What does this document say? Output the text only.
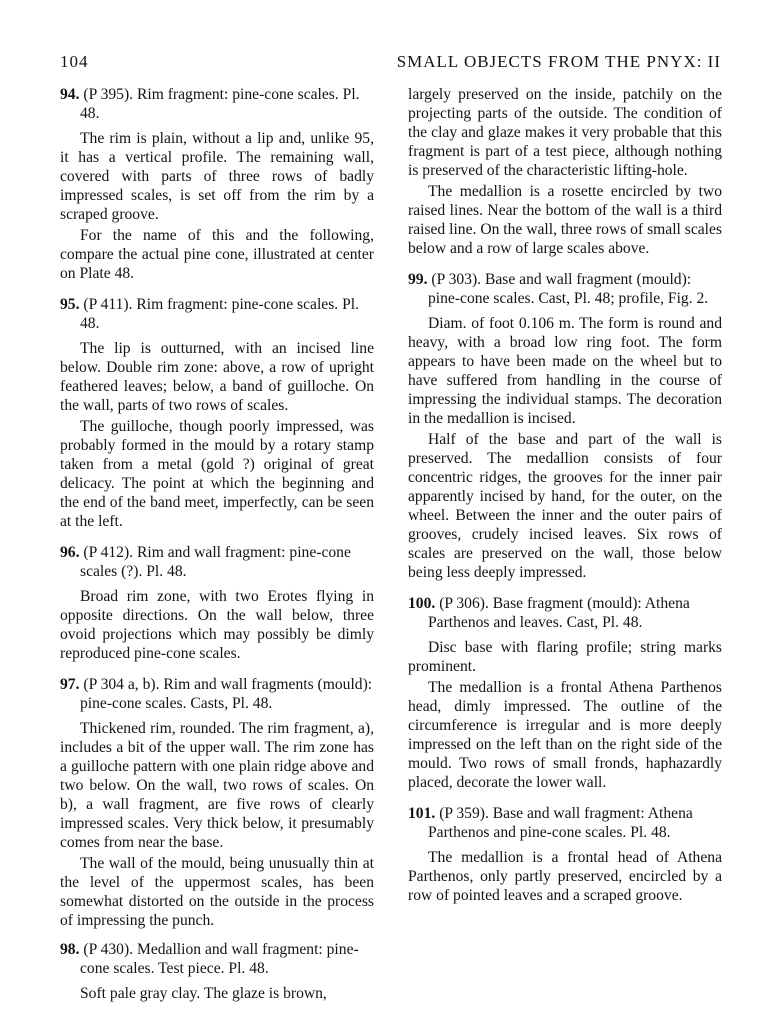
104	SMALL OBJECTS FROM THE PNYX: II
94. (P 395). Rim fragment: pine-cone scales. Pl. 48.

The rim is plain, without a lip and, unlike 95, it has a vertical profile. The remaining wall, covered with parts of three rows of badly impressed scales, is set off from the rim by a scraped groove.

For the name of this and the following, compare the actual pine cone, illustrated at center on Plate 48.

95. (P 411). Rim fragment: pine-cone scales. Pl. 48.

The lip is outturned, with an incised line below. Double rim zone: above, a row of upright feathered leaves; below, a band of guilloche. On the wall, parts of two rows of scales.

The guilloche, though poorly impressed, was probably formed in the mould by a rotary stamp taken from a metal (gold ?) original of great delicacy. The point at which the beginning and the end of the band meet, imperfectly, can be seen at the left.

96. (P 412). Rim and wall fragment: pine-cone scales (?). Pl. 48.

Broad rim zone, with two Erotes flying in opposite directions. On the wall below, three ovoid projections which may possibly be dimly reproduced pine-cone scales.

97. (P 304 a, b). Rim and wall fragments (mould): pine-cone scales. Casts, Pl. 48.

Thickened rim, rounded. The rim fragment, a), includes a bit of the upper wall. The rim zone has a guilloche pattern with one plain ridge above and two below. On the wall, two rows of scales. On b), a wall fragment, are five rows of clearly impressed scales. Very thick below, it presumably comes from near the base.

The wall of the mould, being unusually thin at the level of the uppermost scales, has been somewhat distorted on the outside in the process of impressing the punch.

98. (P 430). Medallion and wall fragment: pine-cone scales. Test piece. Pl. 48.

Soft pale gray clay. The glaze is brown,

largely preserved on the inside, patchily on the projecting parts of the outside. The condition of the clay and glaze makes it very probable that this fragment is part of a test piece, although nothing is preserved of the characteristic lifting-hole.

The medallion is a rosette encircled by two raised lines. Near the bottom of the wall is a third raised line. On the wall, three rows of small scales below and a row of large scales above.

99. (P 303). Base and wall fragment (mould): pine-cone scales. Cast, Pl. 48; profile, Fig. 2.

Diam. of foot 0.106 m. The form is round and heavy, with a broad low ring foot. The form appears to have been made on the wheel but to have suffered from handling in the course of impressing the individual stamps. The decoration in the medallion is incised.

Half of the base and part of the wall is preserved. The medallion consists of four concentric ridges, the grooves for the inner pair apparently incised by hand, for the outer, on the wheel. Between the inner and the outer pairs of grooves, crudely incised leaves. Six rows of scales are preserved on the wall, those below being less deeply impressed.

100. (P 306). Base fragment (mould): Athena Parthenos and leaves. Cast, Pl. 48.

Disc base with flaring profile; string marks prominent.

The medallion is a frontal Athena Parthenos head, dimly impressed. The outline of the circumference is irregular and is more deeply impressed on the left than on the right side of the mould. Two rows of small fronds, haphazardly placed, decorate the lower wall.

101. (P 359). Base and wall fragment: Athena Parthenos and pine-cone scales. Pl. 48.

The medallion is a frontal head of Athena Parthenos, only partly preserved, encircled by a row of pointed leaves and a scraped groove.
